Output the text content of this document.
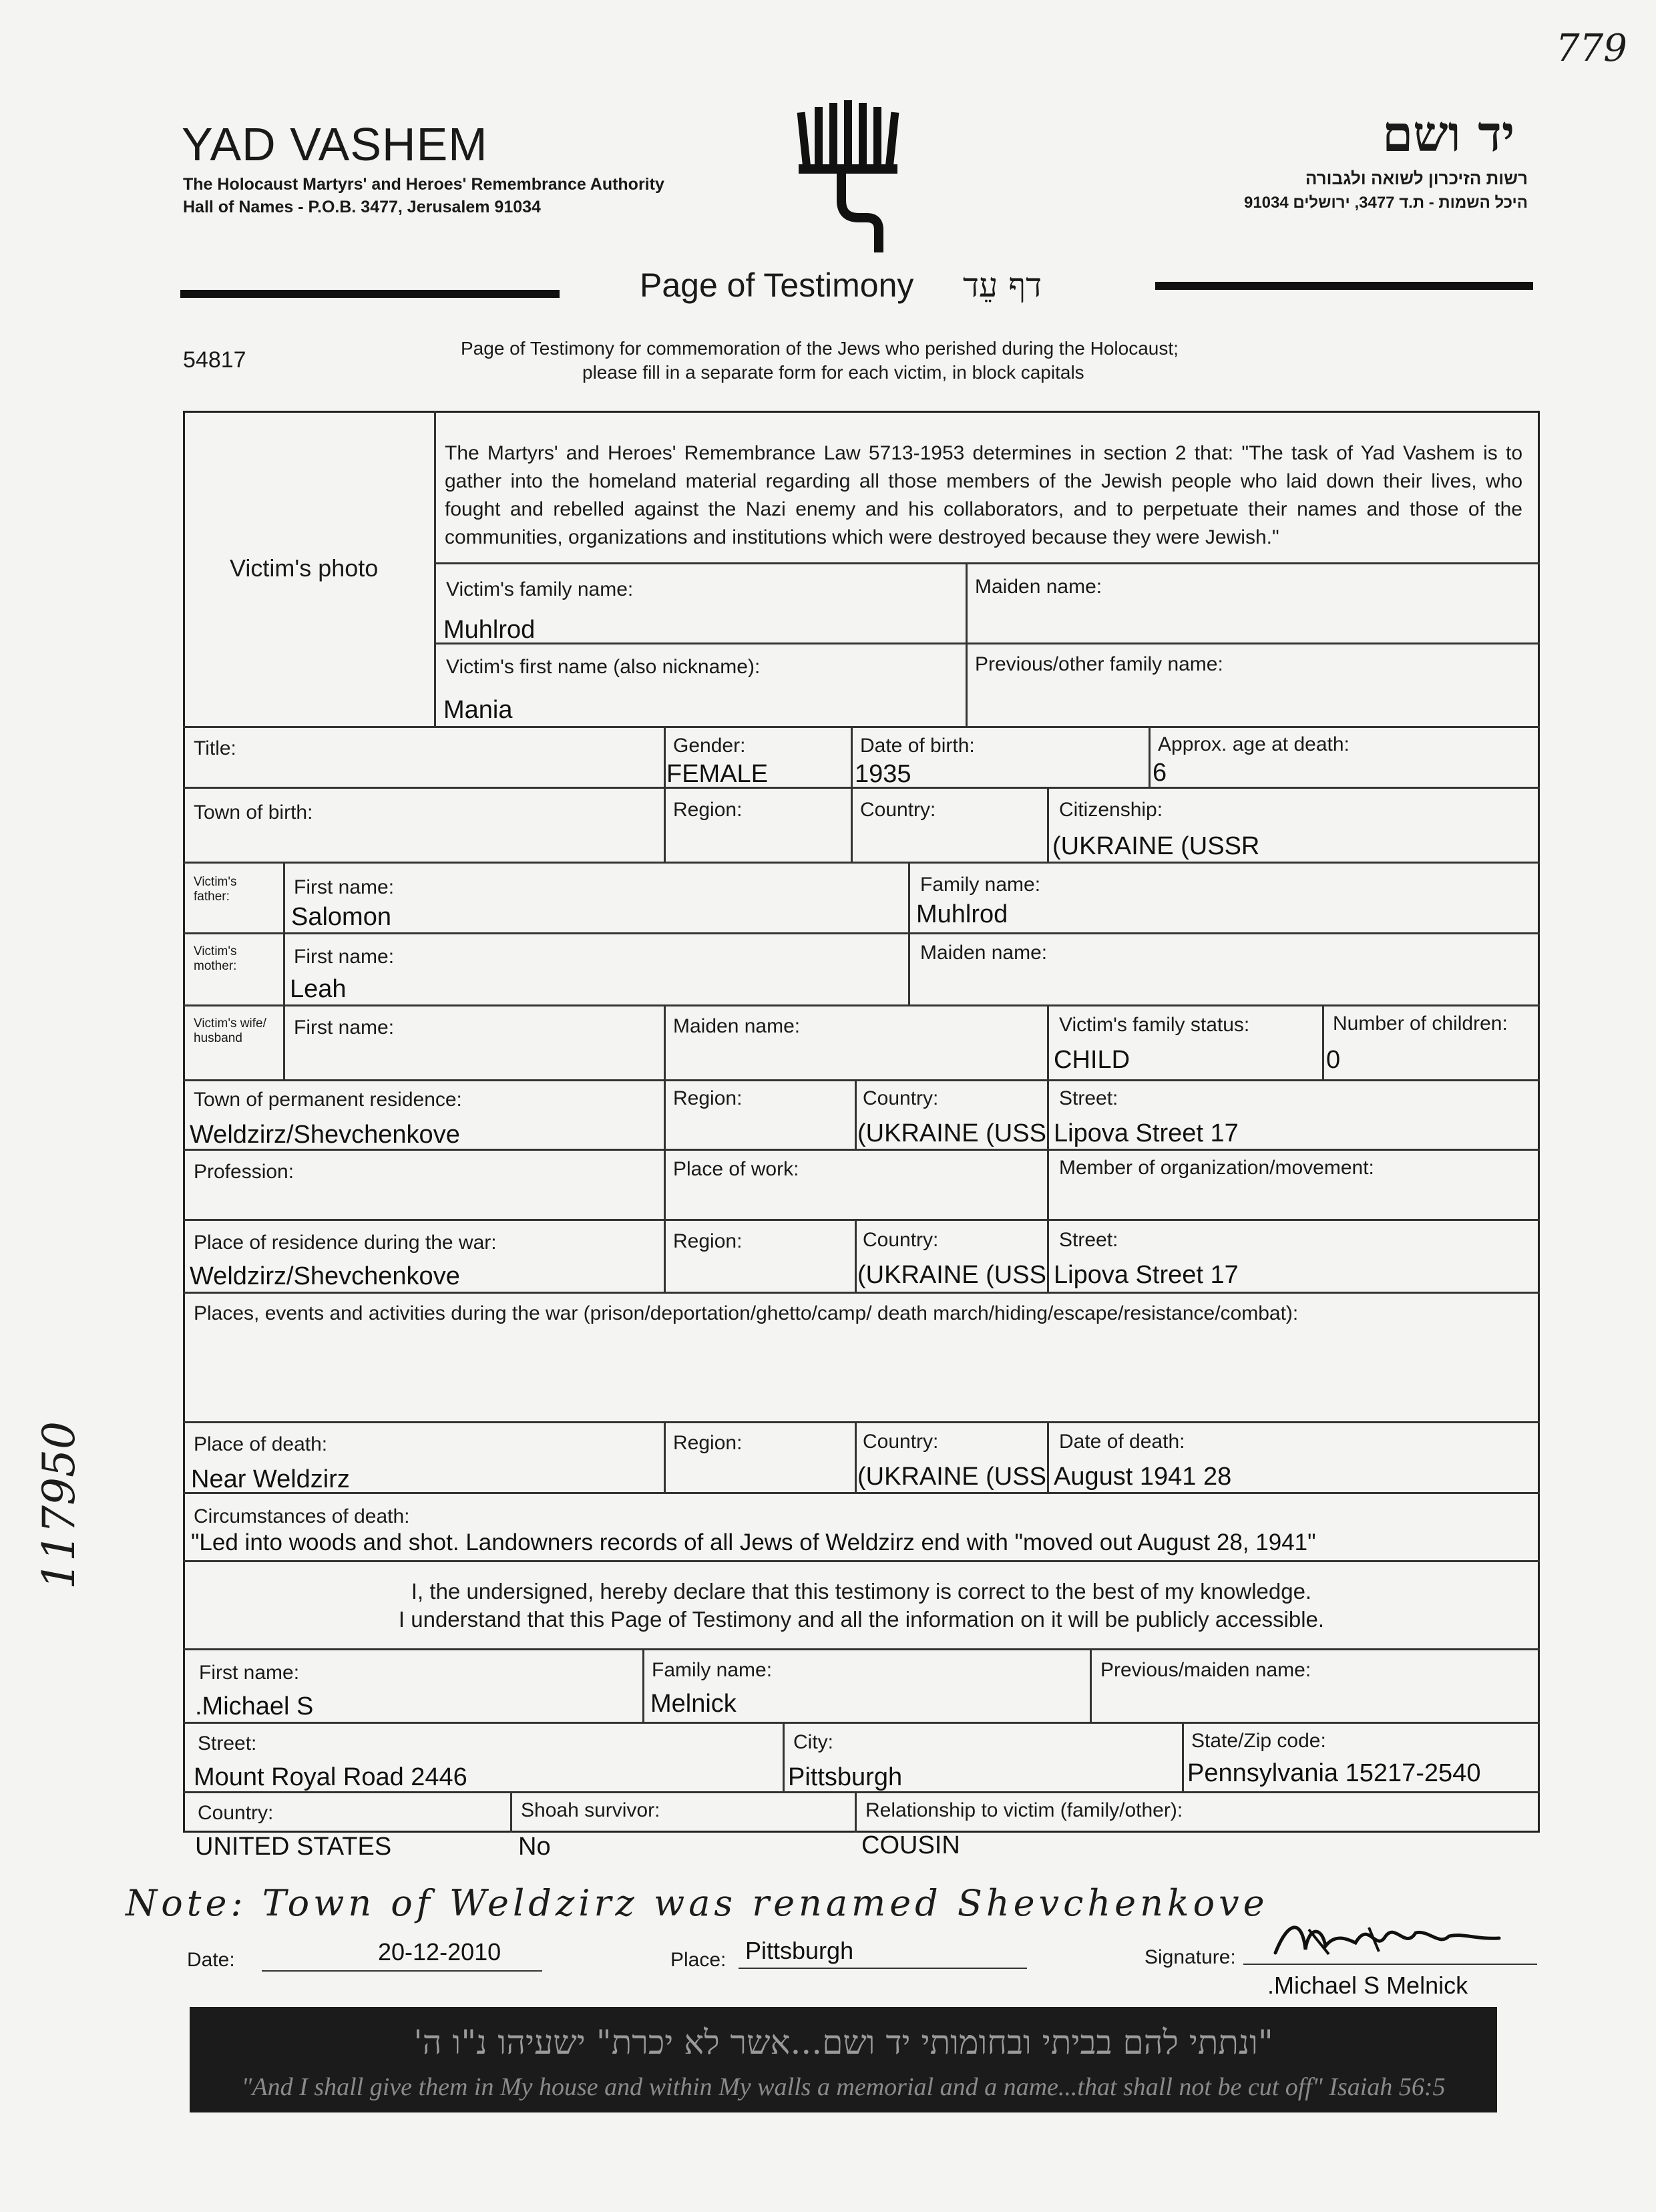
779
YAD VASHEM
The Holocaust Martyrs' and Heroes' Remembrance Authority
Hall of Names - P.O.B. 3477, Jerusalem 91034
יד ושם
רשות הזיכרון לשואה ולגבורה
היכל השמות - ת.ד 3477, ירושלים 91034
Page of Testimony דף עֵד
54817	Page of Testimony for commemoration of the Jews who perished during the Holocaust;
please fill in a separate form for each victim, in block capitals
Victim's photo
The Martyrs' and Heroes' Remembrance Law 5713-1953 determines in section 2 that: "The task of Yad Vashem is to gather into the homeland material regarding all those members of the Jewish people who laid down their lives, who fought and rebelled against the Nazi enemy and his collaborators, and to perpetuate their names and those of the communities, organizations and institutions which were destroyed because they were Jewish."
Victim's family name:
Muhlrod
Maiden name:
Victim's first name (also nickname):
Mania
Previous/other family name:
Title:	Gender:
FEMALE
Date of birth:
1935
Approx. age at death:
6
Town of birth:	Region:	Country:	Citizenship:
(UKRAINE (USSR
Victim's father:	First name:
Salomon
Family name:
Muhlrod
Victim's mother:	First name:
Leah
Maiden name:
Victim's wife/ husband	First name:	Maiden name:	Victim's family status:
CHILD
Number of children:
0
Town of permanent residence:
Weldzirz/Shevchenkove
Region:	Country:
(UKRAINE (USS
Street:
Lipova Street 17
Profession:	Place of work:	Member of organization/movement:
Place of residence during the war:
Weldzirz/Shevchenkove
Region:	Country:
(UKRAINE (USS
Street:
Lipova Street 17
Places, events and activities during the war (prison/deportation/ghetto/camp/ death march/hiding/escape/resistance/combat):
Place of death:
Near Weldzirz
Region:	Country:
(UKRAINE (USS
Date of death:
August 1941 28
Circumstances of death:
"Led into woods and shot. Landowners records of all Jews of Weldzirz end with "moved out August 28, 1941"
I, the undersigned, hereby declare that this testimony is correct to the best of my knowledge.
I understand that this Page of Testimony and all the information on it will be publicly accessible.
First name:
.Michael S
Family name:
Melnick
Previous/maiden name:
Street:
Mount Royal Road 2446
City:
Pittsburgh
State/Zip code:
Pennsylvania 15217-2540
Country:
UNITED STATES
Shoah survivor:
No
Relationship to victim (family/other):
COUSIN
Note: Town of Weldzirz was renamed Shevchenkove
117950
Date:	20-12-2010	Place: Pittsburgh	Signature:
.Michael S Melnick
"ונתתי להם בביתי ובחומותי יד ושם...אשר לא יכרת" ישעיהו נ"ו ה'
"And I shall give them in My house and within My walls a memorial and a name...that shall not be cut off" Isaiah 56:5
